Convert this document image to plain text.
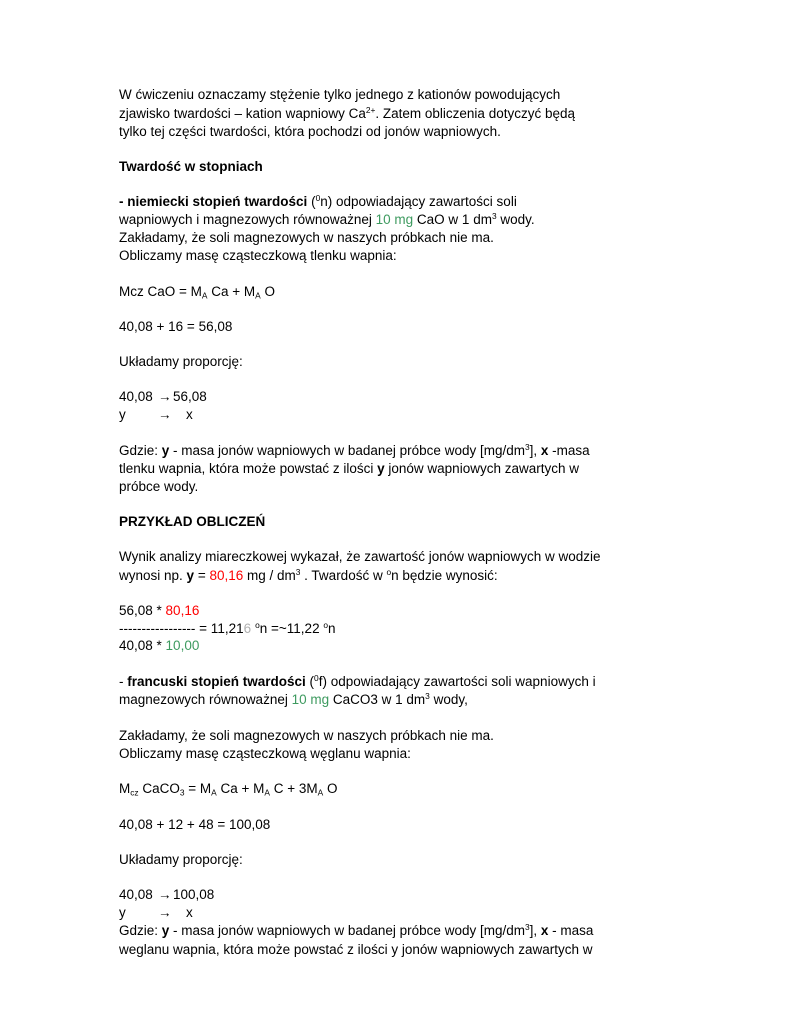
W ćwiczeniu oznaczamy stężenie tylko jednego z kationów powodujących
zjawisko twardości – kation wapniowy $Ca^{2+}$. Zatem obliczenia dotyczyć będą
tylko tej części twardości, która pochodzi od jonów wapniowych.
Twardość w stopniach
- niemiecki stopień twardości ($^0$n) odpowiadający zawartości soli
wapniowych i magnezowych równoważnej 10 mg CaO w 1 $dm^3$ wody.
Zakładamy, że soli magnezowych w naszych próbkach nie ma.
Obliczamy masę cząsteczkową tlenku wapnia:
Mcz CaO = $M_A$ $Ca + M_A$ O
40,08 + 16 = 56,08
Układamy proporcję:
40,08 → 56,08
y → x
Gdzie: y - masa jonów wapniowych w badanej próbce wody $[mg/dm^3]$, x -masa
tlenku wapnia, która może powstać z ilości y jonów wapniowych zawartych w
próbce wody.
PRZYKŁAD OBLICZEŃ
Wynik analizy miareczkowej wykazał, że zawartość jonów wapniowych w wodzie
wynosi np. y = 80,16 mg / $dm^3$ . Twardość w $^o$n będzie wynosić:
56,08 * 80,16
----------------- = 11,216 $^o$n =~11,22 $^o$n
40,08 * 10,00
- francuski stopień twardości ($^0$f) odpowiadający zawartości soli wapniowych i
magnezowych równoważnej 10 mg CaCO3 w 1 $dm^3$ wody,
Zakładamy, że soli magnezowych w naszych próbkach nie ma.
Obliczamy masę cząsteczkową węglanu wapnia:
$M_{cz}$ CaCO$_3$ = $M_A$ $Ca + M_A$ $C + 3M_A$ O
40,08 + 12 + 48 = 100,08
Układamy proporcję:
40,08 → 100,08
y → x
Gdzie: y - masa jonów wapniowych w badanej próbce wody $[mg/dm^3]$, x - masa
weglanu wapnia, która może powstać z ilości y jonów wapniowych zawartych w
